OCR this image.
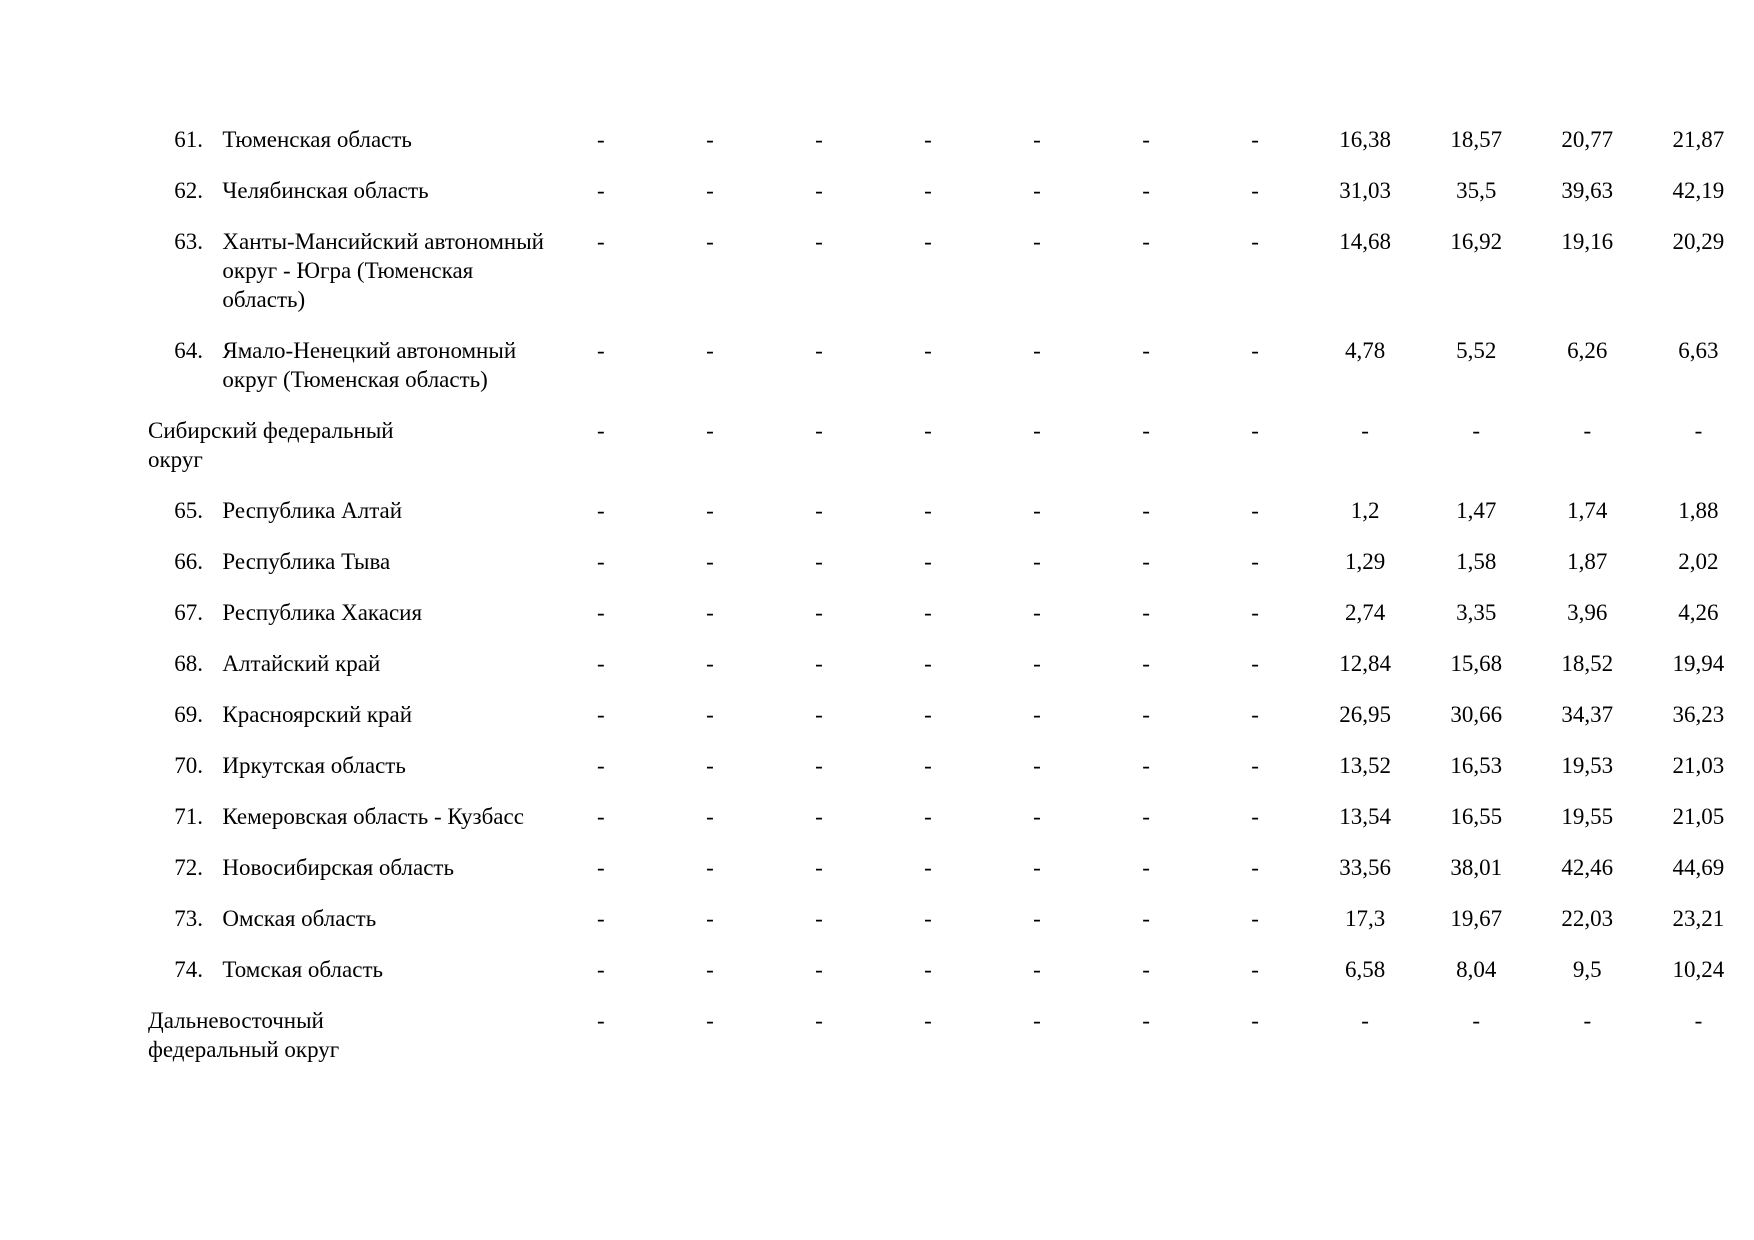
61.		Тюменская область	-	-	-	-	-	-	-	16,38	18,57	20,77	21,87
62.		Челябинская область	-	-	-	-	-	-	-	31,03	35,5	39,63	42,19
63.		Ханты-Мансийский автономный округ - Югра (Тюменская область)	-	-	-	-	-	-	-	14,68	16,92	19,16	20,29
64.		Ямало-Ненецкий автономный округ (Тюменская область)	-	-	-	-	-	-	-	4,78	5,52	6,26	6,63
Сибирский федеральный округ			-	-	-	-	-	-	-	-	-	-	-
65.		Республика Алтай	-	-	-	-	-	-	-	1,2	1,47	1,74	1,88
66.		Республика Тыва	-	-	-	-	-	-	-	1,29	1,58	1,87	2,02
67.		Республика Хакасия	-	-	-	-	-	-	-	2,74	3,35	3,96	4,26
68.		Алтайский край	-	-	-	-	-	-	-	12,84	15,68	18,52	19,94
69.		Красноярский край	-	-	-	-	-	-	-	26,95	30,66	34,37	36,23
70.		Иркутская область	-	-	-	-	-	-	-	13,52	16,53	19,53	21,03
71.		Кемеровская область - Кузбасс	-	-	-	-	-	-	-	13,54	16,55	19,55	21,05
72.		Новосибирская область	-	-	-	-	-	-	-	33,56	38,01	42,46	44,69
73.		Омская область	-	-	-	-	-	-	-	17,3	19,67	22,03	23,21
74.		Томская область	-	-	-	-	-	-	-	6,58	8,04	9,5	10,24
Дальневосточный федеральный округ			-	-	-	-	-	-	-	-	-	-	-
